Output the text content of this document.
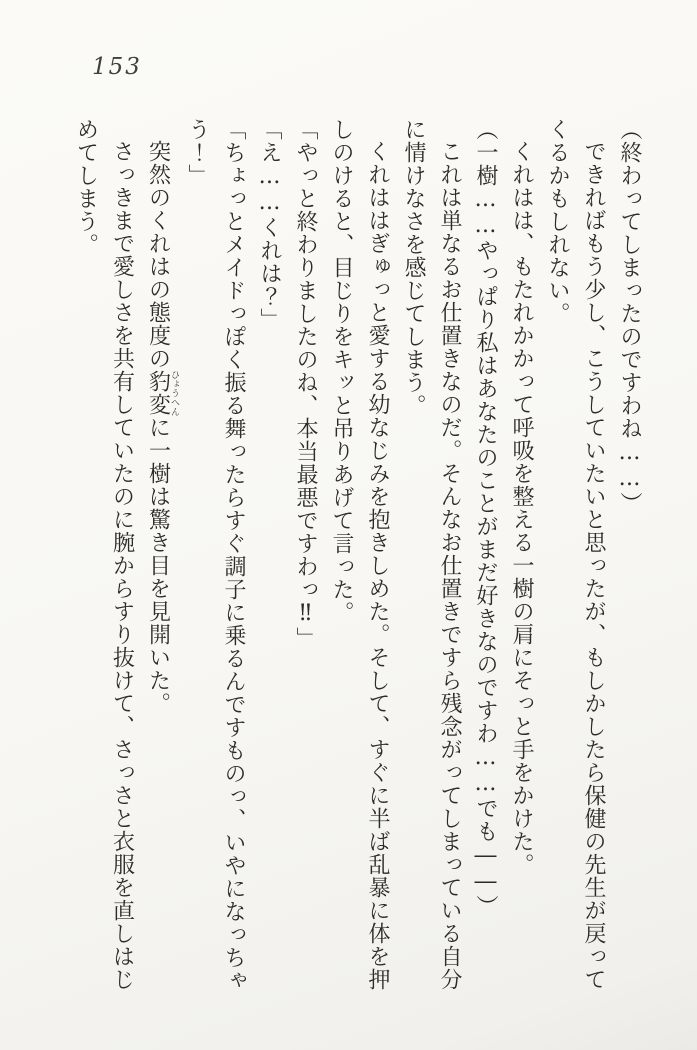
153

（終わってしまったのですわね……）

できればもう少し、こうしていたいと思ったが、もしかしたら保健の先生が戻ってくるかもしれない。

くれはは、もたれかかって呼吸を整える一樹の肩にそっと手をかけた。

（一樹……やっぱり私はあなたのことがまだ好きなのですわ……でも――）

これは単なるお仕置きなのだ。そんなお仕置きですら残念がってしまっている自分に情けなさを感じてしまう。

くれははぎゅっと愛する幼なじみを抱きしめた。そして、すぐに半ば乱暴に体を押しのけると、目じりをキッと吊りあげて言った。

「やっと終わりましたのね、本当最悪ですわっ‼」

「え……くれは？」

「ちょっとメイドっぽく振る舞ったらすぐ調子に乗るんですものっ、いやになっちゃう！」

突然のくれはの態度の豹変ひょうへんに一樹は驚き目を見開いた。

さっきまで愛しさを共有していたのに腕からすり抜けて、さっさと衣服を直しはじめてしまう。
